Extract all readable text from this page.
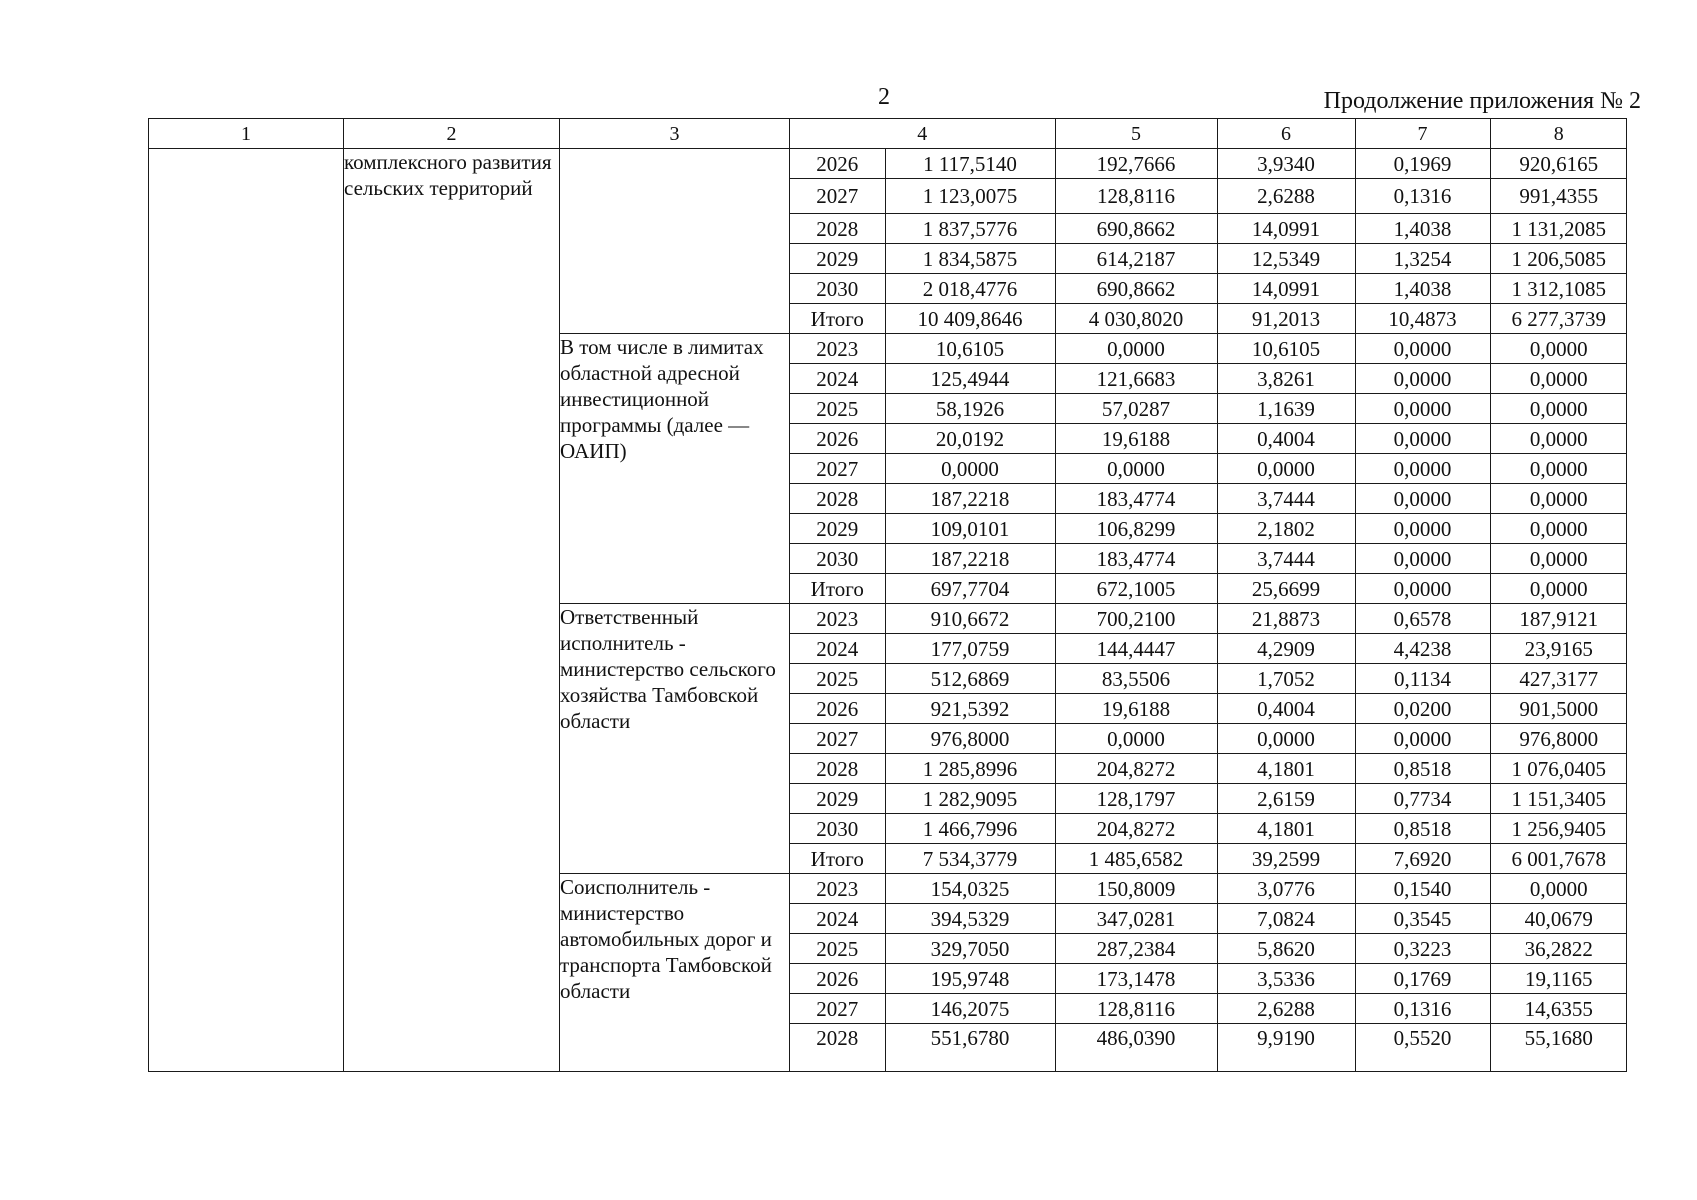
2	Продолжение приложения № 2
1	2	3		4	5	6	7	8

	комплексного развития сельских территорий		
2026	1 117,5140	192,7666	3,9340	0,1969	920,6165
2027	1 123,0075	128,8116	2,6288	0,1316	991,4355
2028	1 837,5776	690,8662	14,0991	1,4038	1 131,2085
2029	1 834,5875	614,2187	12,5349	1,3254	1 206,5085
2030	2 018,4776	690,8662	14,0991	1,4038	1 312,1085
Итого	10 409,8646	4 030,8020	91,2013	10,4873	6 277,3739

В том числе в лимитах областной адресной инвестиционной программы (далее — ОАИП)	
2023	10,6105	0,0000	10,6105	0,0000	0,0000
2024	125,4944	121,6683	3,8261	0,0000	0,0000
2025	58,1926	57,0287	1,1639	0,0000	0,0000
2026	20,0192	19,6188	0,4004	0,0000	0,0000
2027	0,0000	0,0000	0,0000	0,0000	0,0000
2028	187,2218	183,4774	3,7444	0,0000	0,0000
2029	109,0101	106,8299	2,1802	0,0000	0,0000
2030	187,2218	183,4774	3,7444	0,0000	0,0000
Итого	697,7704	672,1005	25,6699	0,0000	0,0000

Ответственный исполнитель - министерство сельского хозяйства Тамбовской области	
2023	910,6672	700,2100	21,8873	0,6578	187,9121
2024	177,0759	144,4447	4,2909	4,4238	23,9165
2025	512,6869	83,5506	1,7052	0,1134	427,3177
2026	921,5392	19,6188	0,4004	0,0200	901,5000
2027	976,8000	0,0000	0,0000	0,0000	976,8000
2028	1 285,8996	204,8272	4,1801	0,8518	1 076,0405
2029	1 282,9095	128,1797	2,6159	0,7734	1 151,3405
2030	1 466,7996	204,8272	4,1801	0,8518	1 256,9405
Итого	7 534,3779	1 485,6582	39,2599	7,6920	6 001,7678

Соисполнитель - министерство автомобильных дорог и транспорта Тамбовской области	
2023	154,0325	150,8009	3,0776	0,1540	0,0000
2024	394,5329	347,0281	7,0824	0,3545	40,0679
2025	329,7050	287,2384	5,8620	0,3223	36,2822
2026	195,9748	173,1478	3,5336	0,1769	19,1165
2027	146,2075	128,8116	2,6288	0,1316	14,6355
2028	551,6780	486,0390	9,9190	0,5520	55,1680
